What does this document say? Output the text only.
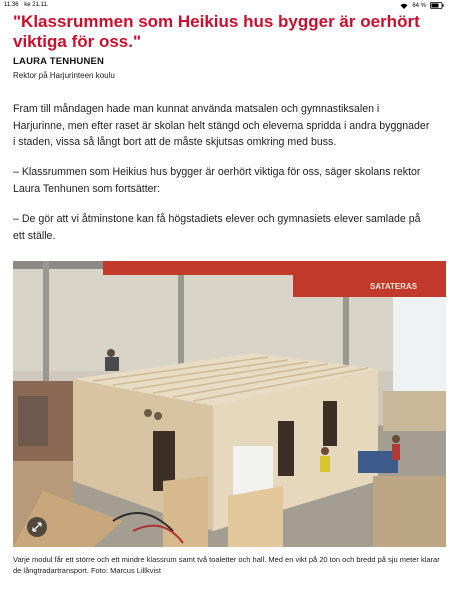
11.36 ke 21.11.	64 %
"Klassrummen som Heikius hus bygger är oerhört viktiga för oss."
LAURA TENHUNEN
Rektor på Harjurinteen koulu

Fram till måndagen hade man kunnat använda matsalen och gymnastiksalen i Harjurinne, men efter raset är skolan helt stängd och eleverna spridda i andra byggnader i staden, vissa så långt bort att de måste skjutsas omkring med buss.

– Klassrummen som Heikius hus bygger är oerhört viktiga för oss, säger skolans rektor Laura Tenhunen som fortsätter:

– De gör att vi åtminstone kan få högstadiets elever och gymnasiets elever samlade på ett ställe.

SATATERAS

Varje modul får ett större och ett mindre klassrum samt två toaletter och hall. Med en vikt på 20 ton och bredd på sju meter klarar de långtradartransport. Foto: Marcus Lillkvist
